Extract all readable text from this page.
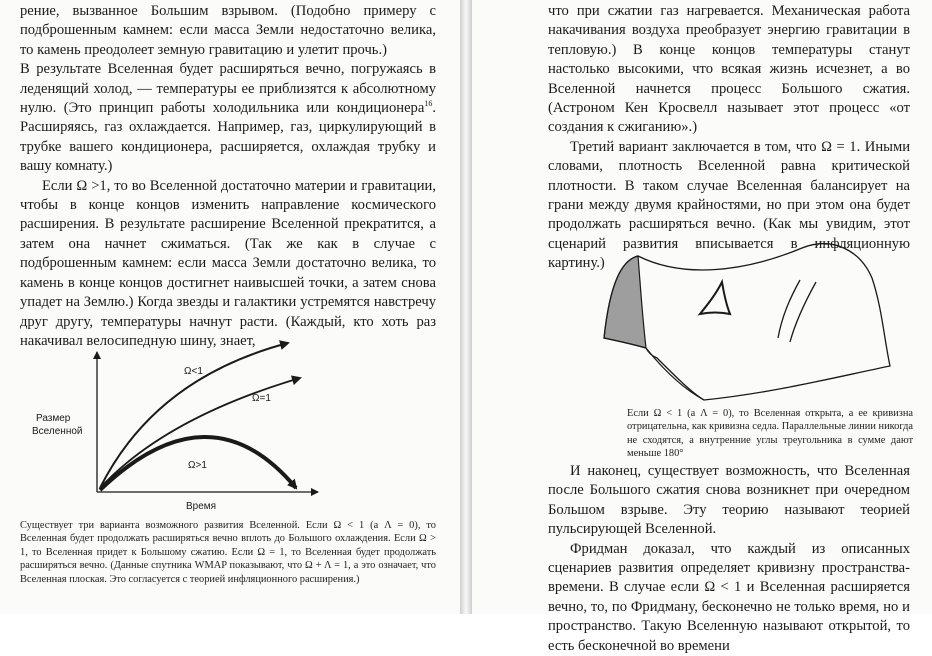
рение, вызванное Большим взрывом. (Подобно примеру с подброшенным камнем: если масса Земли недостаточно велика, то камень преодолеет земную гравитацию и улетит прочь.)

В результате Вселенная будет расширяться вечно, погружаясь в леденящий холод, — температуры ее приблизятся к абсолютному нулю. (Это принцип работы холодильника или кондиционера$^{16}$. Расширяясь, газ охлаждается. Например, газ, циркулирующий в трубке вашего кондиционера, расширяется, охлаждая трубку и вашу комнату.)

Если Ω >1, то во Вселенной достаточно материи и гравитации, чтобы в конце концов изменить направление космического расширения. В результате расширение Вселенной прекратится, а затем она начнет сжиматься. (Так же как в случае с подброшенным камнем: если масса Земли достаточно велика, то камень в конце концов достигнет наивысшей точки, а затем снова упадет на Землю.) Когда звезды и галактики устремятся навстречу друг другу, температуры начнут расти. (Каждый, кто хоть раз накачивал велосипедную шину, знает,

Ω<1
Ω=1
Ω>1
Размер
Вселенной
Время
Существует три варианта возможного развития Вселенной. Если Ω < 1 (а Λ = 0), то Вселенная будет продолжать расширяться вечно вплоть до Большого охлаждения. Если Ω > 1, то Вселенная придет к Большому сжатию. Если Ω = 1, то Вселенная будет продолжать расширяться вечно. (Данные спутника WMAP показывают, что Ω + Λ = 1, а это означает, что Вселенная плоская. Это согласуется с теорией инфляционного расширения.)

что при сжатии газ нагревается. Механическая работа накачивания воздуха преобразует энергию гравитации в тепловую.) В конце концов температуры станут настолько высокими, что всякая жизнь исчезнет, а во Вселенной начнется процесс Большого сжатия. (Астроном Кен Кросвелл называет этот процесс «от создания к сжиганию».)

Третий вариант заключается в том, что Ω = 1. Иными словами, плотность Вселенной равна критической плотности. В таком случае Вселенная балансирует на грани между двумя крайностями, но при этом она будет продолжать расширяться вечно. (Как мы увидим, этот сценарий развития вписывается в инфляционную картину.)

Если Ω < 1 (а Λ = 0), то Вселенная открыта, а ее кривизна отрицательна, как кривизна седла. Параллельные линии никогда не сходятся, а внутренние углы треугольника в сумме дают меньше 180°

И наконец, существует возможность, что Вселенная после Большого сжатия снова возникнет при очередном Большом взрыве. Эту теорию называют теорией пульсирующей Вселенной.

Фридман доказал, что каждый из описанных сценариев развития определяет кривизну пространства-времени. В случае если Ω < 1 и Вселенная расширяется вечно, то, по Фридману, бесконечно не только время, но и пространство. Такую Вселенную называют открытой, то есть бесконечной во времени
